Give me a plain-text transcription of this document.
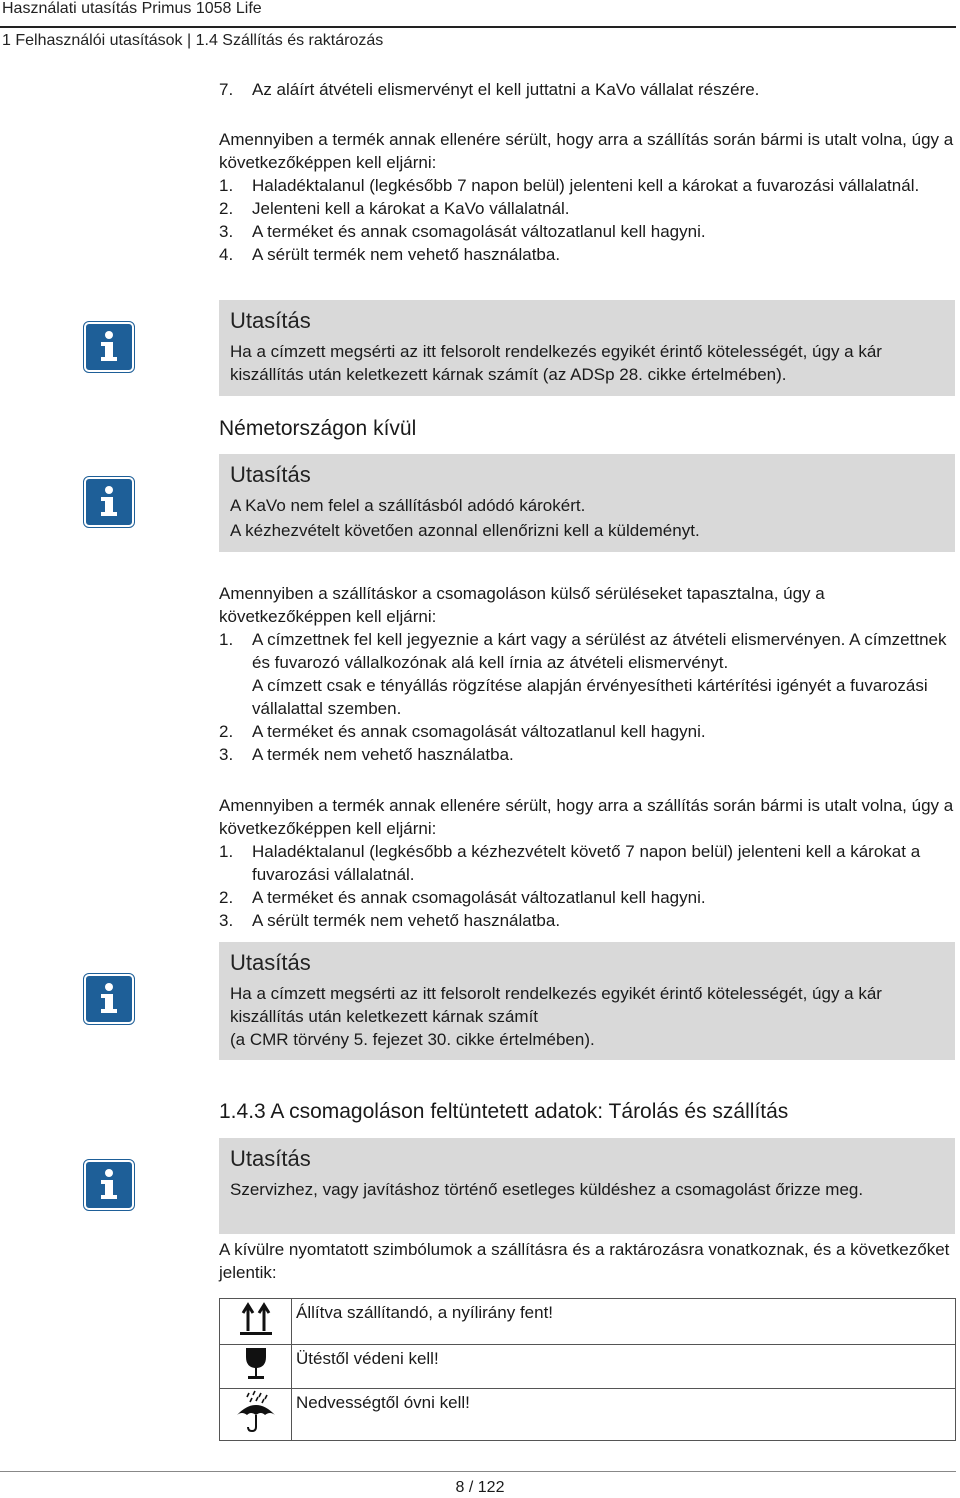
Használati utasítás Primus 1058 Life
1 Felhasználói utasítások | 1.4 Szállítás és raktározás
7. Az aláírt átvételi elismervényt el kell juttatni a KaVo vállalat részére.

Amennyiben a termék annak ellenére sérült, hogy arra a szállítás során bármi is utalt volna, úgy a következőképpen kell eljárni:

1. Haladéktalanul (legkésőbb 7 napon belül) jelenteni kell a károkat a fuvarozási vállalatnál.
2. Jelenteni kell a károkat a KaVo vállalatnál.
3. A terméket és annak csomagolását változatlanul kell hagyni.
4. A sérült termék nem vehető használatba.
Utasítás

Ha a címzett megsérti az itt felsorolt rendelkezés egyikét érintő kötelességét, úgy a kár kiszállítás után keletkezett kárnak számít (az ADSp 28. cikke értelmében).

Németországon kívül
Utasítás

A KaVo nem felel a szállításból adódó károkért.

A kézhezvételt követően azonnal ellenőrizni kell a küldeményt.

Amennyiben a szállításkor a csomagoláson külső sérüléseket tapasztalna, úgy a következőképpen kell eljárni:

1. A címzettnek fel kell jegyeznie a kárt vagy a sérülést az átvételi elismervényen. A címzettnek és fuvarozó vállalkozónak alá kell írnia az átvételi elismervényt.
A címzett csak e tényállás rögzítése alapján érvényesítheti kártérítési igényét a fuvarozási vállalattal szemben.
2. A terméket és annak csomagolását változatlanul kell hagyni.
3. A termék nem vehető használatba.

Amennyiben a termék annak ellenére sérült, hogy arra a szállítás során bármi is utalt volna, úgy a következőképpen kell eljárni:

1. Haladéktalanul (legkésőbb a kézhezvételt követő 7 napon belül) jelenteni kell a károkat a fuvarozási vállalatnál.
2. A terméket és annak csomagolását változatlanul kell hagyni.
3. A sérült termék nem vehető használatba.
Utasítás

Ha a címzett megsérti az itt felsorolt rendelkezés egyikét érintő kötelességét, úgy a kár kiszállítás után keletkezett kárnak számít

(a CMR törvény 5. fejezet 30. cikke értelmében).

1.4.3 A csomagoláson feltüntetett adatok: Tárolás és szállítás
Utasítás

Szervizhez, vagy javításhoz történő esetleges küldéshez a csomagolást őrizze meg.

A kívülre nyomtatott szimbólumok a szállításra és a raktározásra vonatkoznak, és a következőket jelentik:

	Állítva szállítandó, a nyílirány fent!
	Ütéstől védeni kell!
	Nedvességtől óvni kell!
8 / 122
